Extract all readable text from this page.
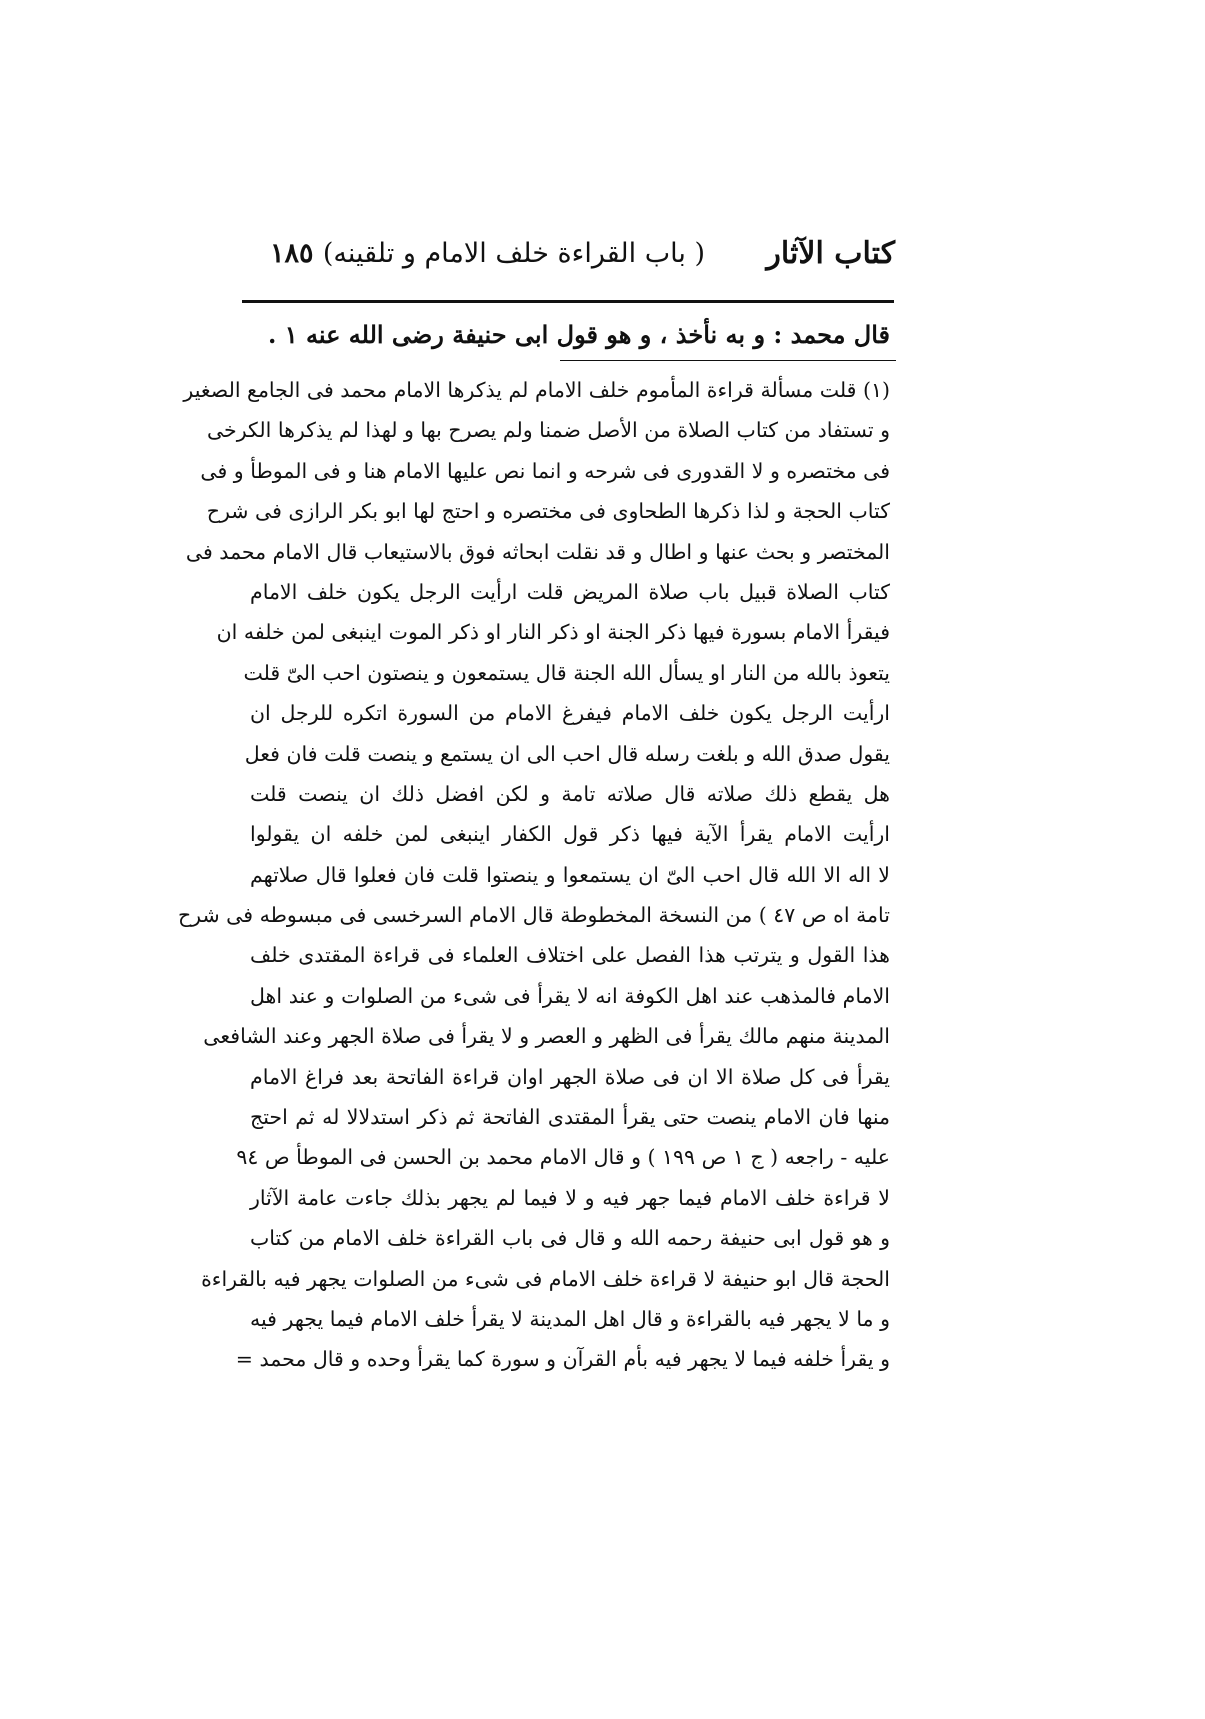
كتاب الآثار
( باب القراءة خلف الامام و تلقينه)
١٨٥
قال محمد : و به نأخذ ، و هو قول ابی حنيفة رضی الله عنه ١ .
(١) قلت مسألة قراءة المأموم خلف الامام لم يذكرها الامام محمد فی الجامع الصغير
و تستفاد من كتاب الصلاة من الأصل ضمنا ولم يصرح بها و لهذا لم يذكرها الكرخی
فی مختصره و لا القدوری فی شرحه و انما نص عليها الامام هنا و فی الموطأ و فی
كتاب الحجة و لذا ذكرها الطحاوی فی مختصره و احتج لها ابو بكر الرازی فی شرح
المختصر و بحث عنها و اطال و قد نقلت ابحاثه فوق بالاستيعاب قال الامام محمد فی
كتاب الصلاة قبيل باب صلاة المريض قلت ارأيت الرجل يكون خلف الامام
فيقرأ الامام بسورة فيها ذكر الجنة او ذكر النار او ذكر الموت اينبغی لمن خلفه ان
يتعوذ بالله من النار او يسأل الله الجنة قال يستمعون و ينصتون احب الیّ قلت
ارأيت الرجل يكون خلف الامام فيفرغ الامام من السورة اتكره للرجل ان
يقول صدق الله و بلغت رسله قال احب الی ان يستمع و ينصت قلت فان فعل
هل يقطع ذلك صلاته قال صلاته تامة و لكن افضل ذلك ان ينصت قلت
ارأيت الامام يقرأ الآية فيها ذكر قول الكفار اينبغی لمن خلفه ان يقولوا
لا اله الا الله قال احب الیّ ان يستمعوا و ينصتوا قلت فان فعلوا قال صلاتهم
تامة اه ص ٤٧ ) من النسخة المخطوطة قال الامام السرخسی فی مبسوطه فی شرح
هذا القول و يترتب هذا الفصل على اختلاف العلماء فی قراءة المقتدی خلف
الامام فالمذهب عند اهل الكوفة انه لا يقرأ فی شیء من الصلوات و عند اهل
المدينة منهم مالك يقرأ فی الظهر و العصر و لا يقرأ فی صلاة الجهر وعند الشافعی
يقرأ فی كل صلاة الا ان فی صلاة الجهر اوان قراءة الفاتحة بعد فراغ الامام
منها فان الامام ينصت حتى يقرأ المقتدی الفاتحة ثم ذكر استدلالا له ثم احتج
عليه - راجعه ( ج ١ ص ١٩٩ ) و قال الامام محمد بن الحسن فی الموطأ ص ٩٤
لا قراءة خلف الامام فيما جهر فيه و لا فيما لم يجهر بذلك جاءت عامة الآثار
و هو قول ابی حنيفة رحمه الله و قال فی باب القراءة خلف الامام من كتاب
الحجة قال ابو حنيفة لا قراءة خلف الامام فی شیء من الصلوات يجهر فيه بالقراءة
و ما لا يجهر فيه بالقراءة و قال اهل المدينة لا يقرأ خلف الامام فيما يجهر فيه
و يقرأ خلفه فيما لا يجهر فيه بأم القرآن و سورة كما يقرأ وحده و قال محمد =
